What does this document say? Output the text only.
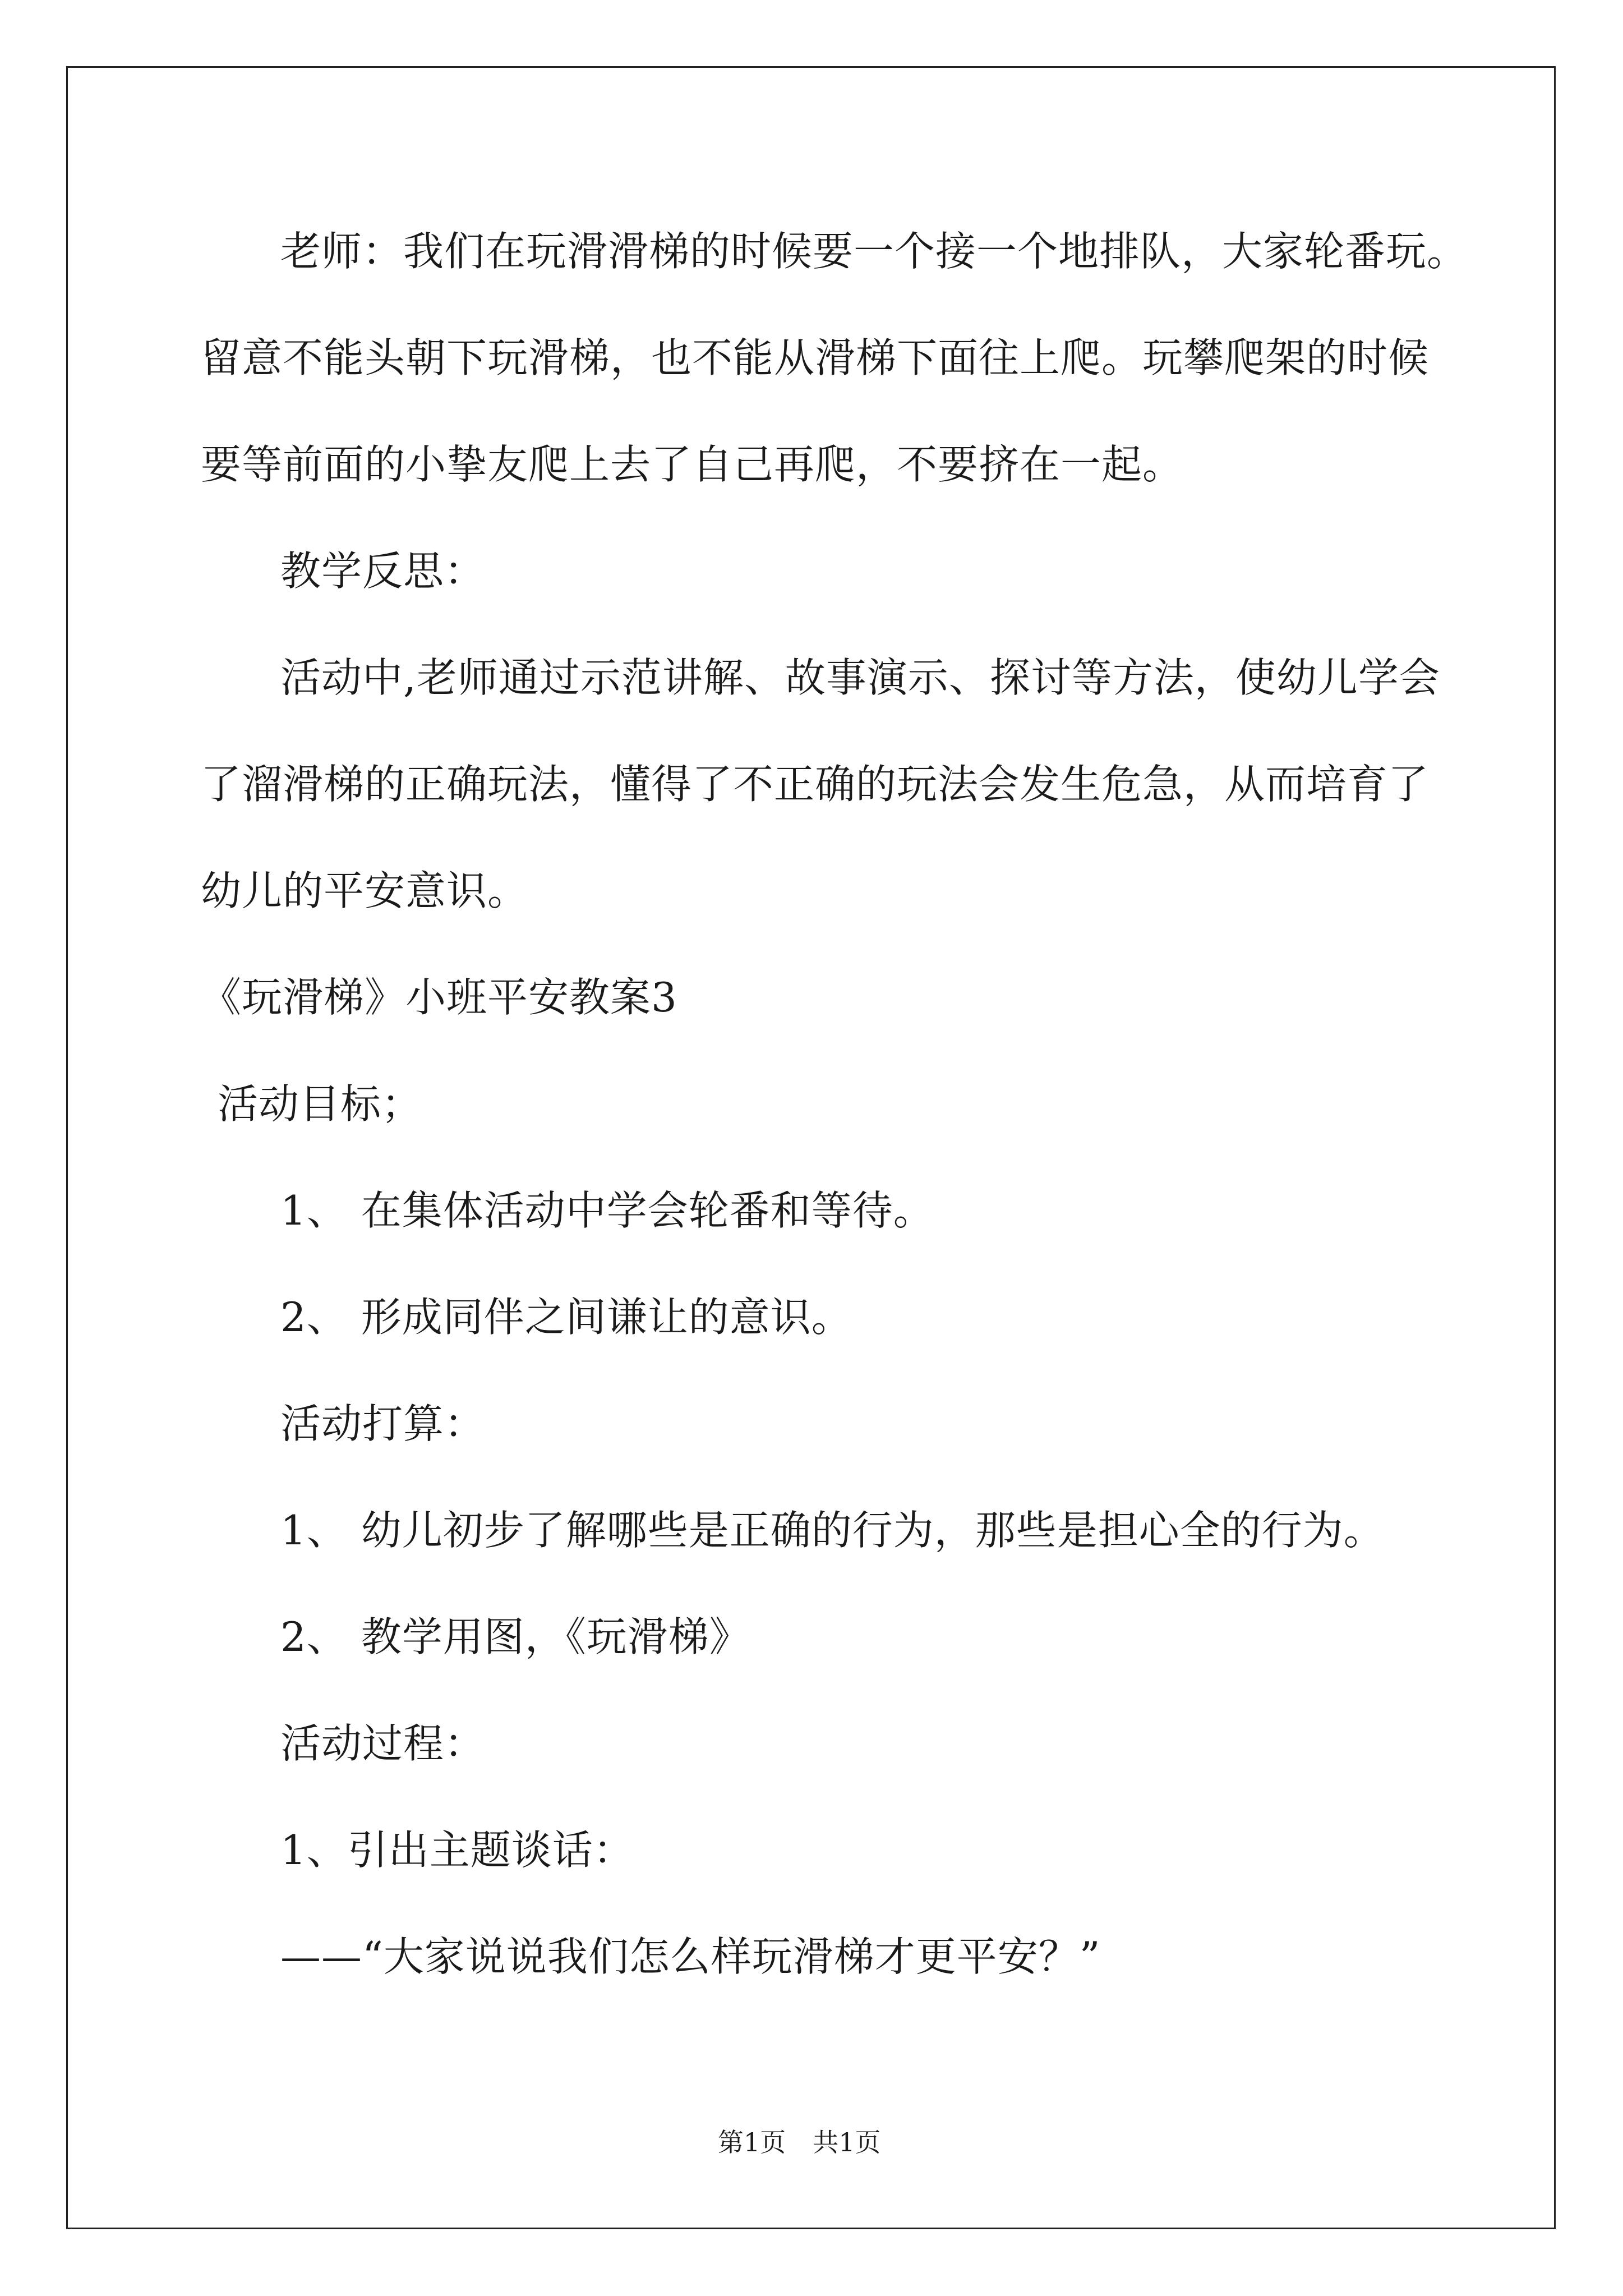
老师：我们在玩滑滑梯的时候要一个接一个地排队，大家轮番玩。
留意不能头朝下玩滑梯，也不能从滑梯下面往上爬。玩攀爬架的时候
要等前面的小挚友爬上去了自己再爬，不要挤在一起。
教学反思：
活动中,老师通过示范讲解、故事演示、探讨等方法，使幼儿学会
了溜滑梯的正确玩法，懂得了不正确的玩法会发生危急，从而培育了
幼儿的平安意识。
《玩滑梯》小班平安教案3
活动目标；
1、 在集体活动中学会轮番和等待。
2、 形成同伴之间谦让的意识。
活动打算：
1、 幼儿初步了解哪些是正确的行为，那些是担心全的行为。
2、 教学用图，《玩滑梯》
活动过程：
1、引出主题谈话：
——“大家说说我们怎么样玩滑梯才更平安？”
第1页 共1页
